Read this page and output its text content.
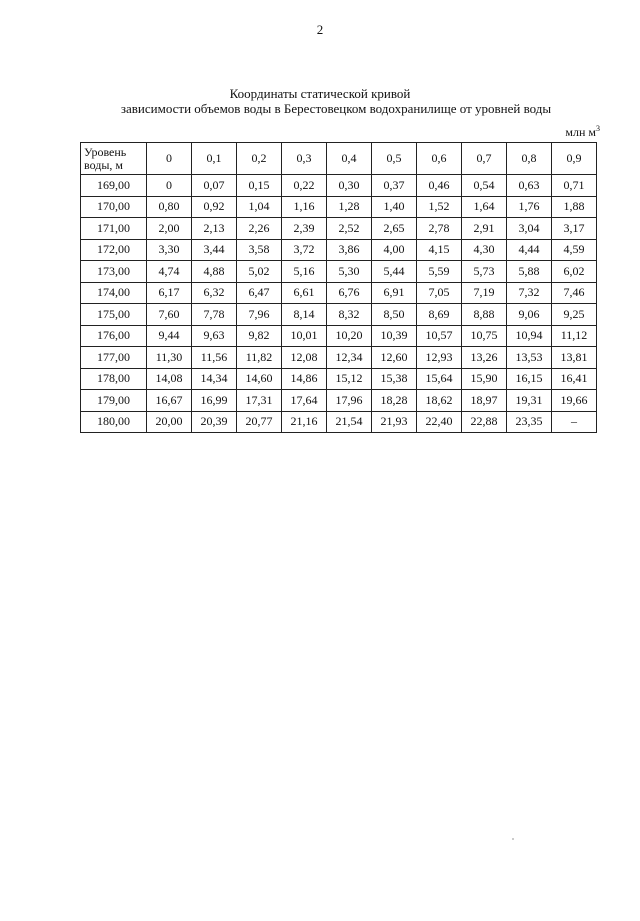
2
Координаты статической кривой

зависимости объемов воды в Берестовецком водохранилище от уровней воды
млн $м^3$
Уровень
воды, м	0	0,1	0,2	0,3	0,4	0,5	0,6	0,7	0,8	0,9
169,00	0	0,07	0,15	0,22	0,30	0,37	0,46	0,54	0,63	0,71
170,00	0,80	0,92	1,04	1,16	1,28	1,40	1,52	1,64	1,76	1,88
171,00	2,00	2,13	2,26	2,39	2,52	2,65	2,78	2,91	3,04	3,17
172,00	3,30	3,44	3,58	3,72	3,86	4,00	4,15	4,30	4,44	4,59
173,00	4,74	4,88	5,02	5,16	5,30	5,44	5,59	5,73	5,88	6,02
174,00	6,17	6,32	6,47	6,61	6,76	6,91	7,05	7,19	7,32	7,46
175,00	7,60	7,78	7,96	8,14	8,32	8,50	8,69	8,88	9,06	9,25
176,00	9,44	9,63	9,82	10,01	10,20	10,39	10,57	10,75	10,94	11,12
177,00	11,30	11,56	11,82	12,08	12,34	12,60	12,93	13,26	13,53	13,81
178,00	14,08	14,34	14,60	14,86	15,12	15,38	15,64	15,90	16,15	16,41
179,00	16,67	16,99	17,31	17,64	17,96	18,28	18,62	18,97	19,31	19,66
180,00	20,00	20,39	20,77	21,16	21,54	21,93	22,40	22,88	23,35	–
